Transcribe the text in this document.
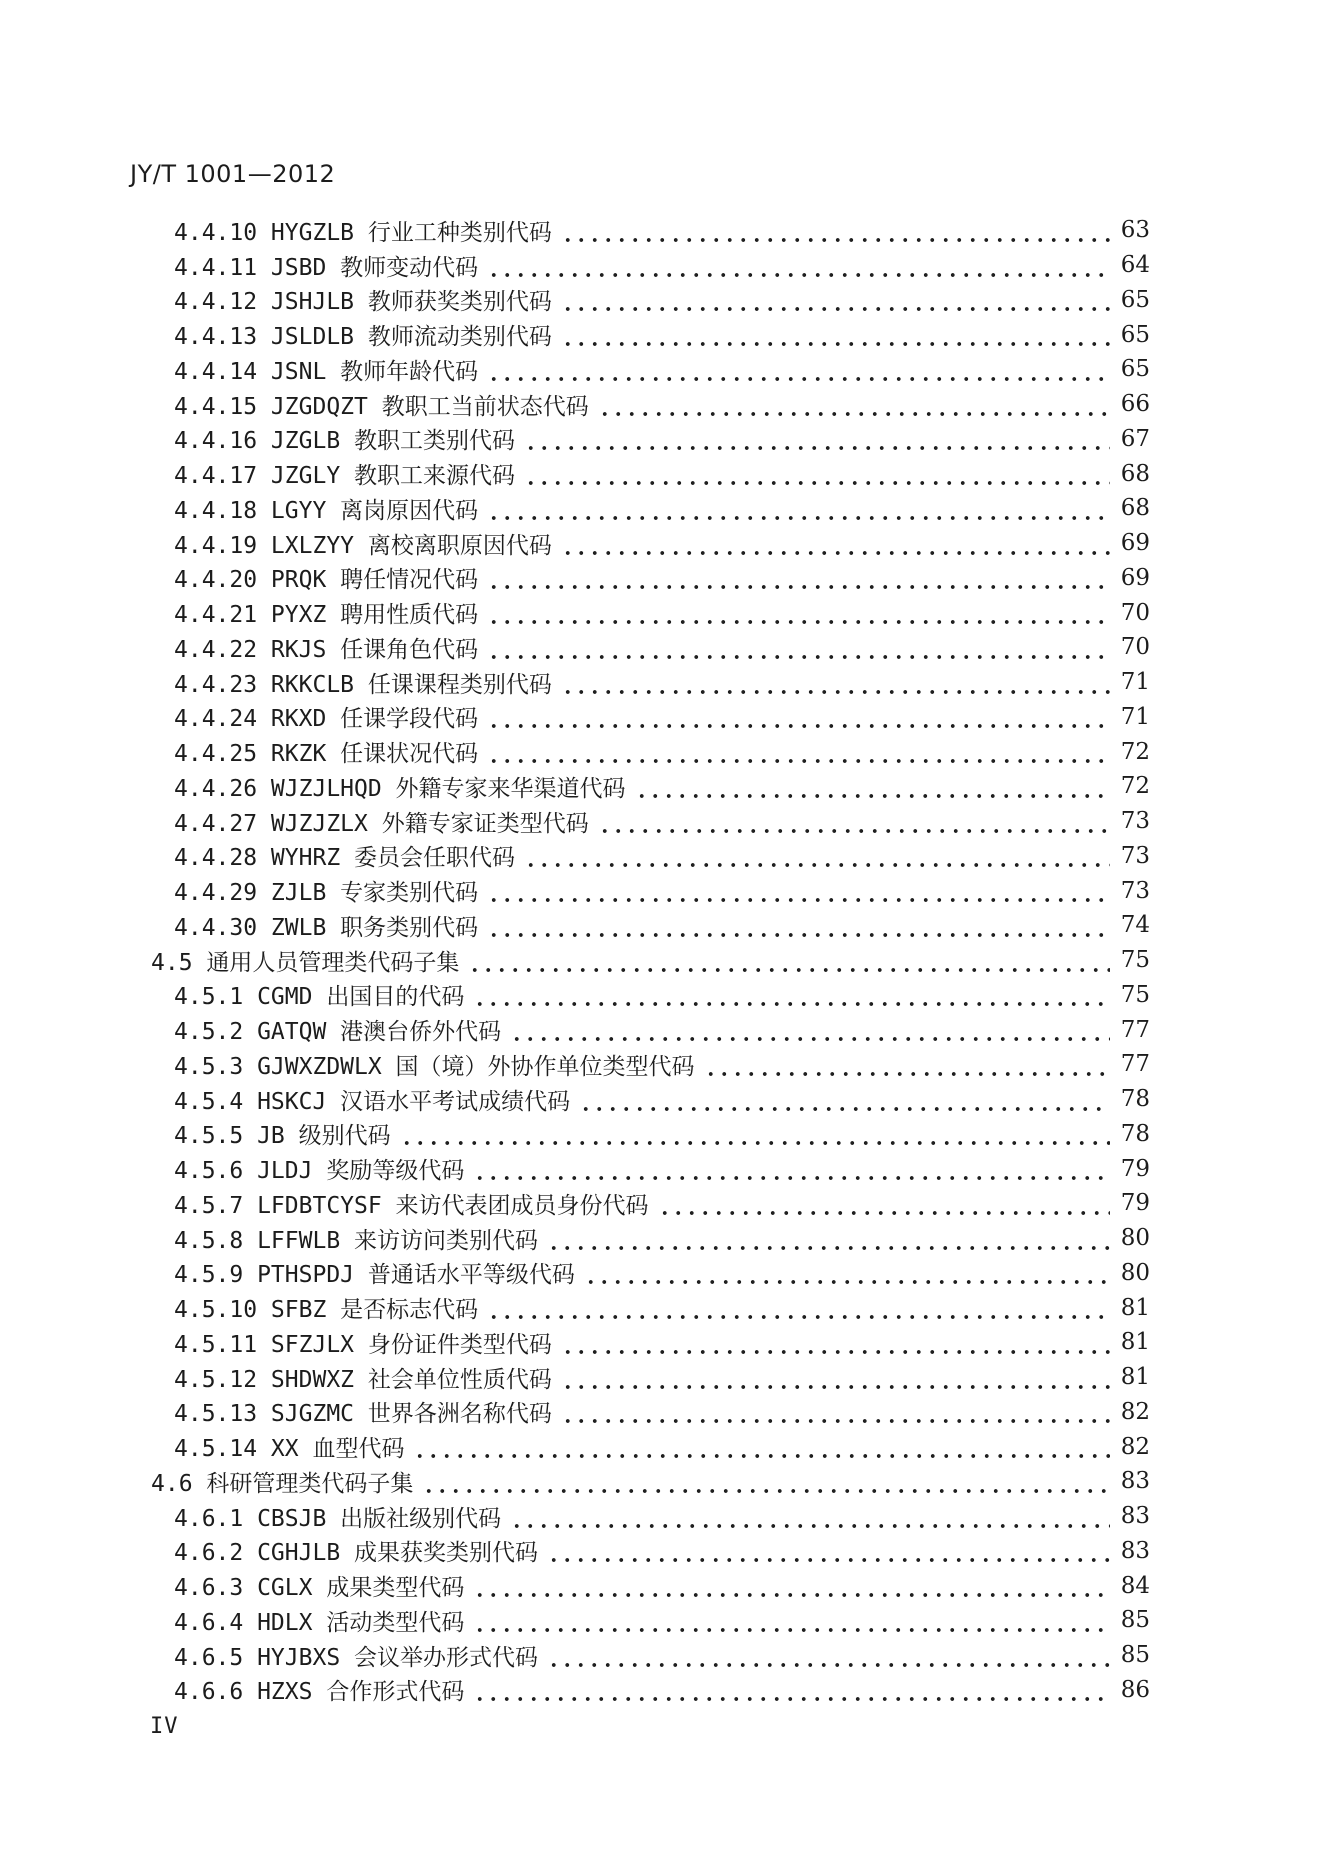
JY/T 1001—2012
4.4.10 HYGZLB 行业工种类别代码	63
4.4.11 JSBD 教师变动代码	64
4.4.12 JSHJLB 教师获奖类别代码	65
4.4.13 JSLDLB 教师流动类别代码	65
4.4.14 JSNL 教师年龄代码	65
4.4.15 JZGDQZT 教职工当前状态代码	66
4.4.16 JZGLB 教职工类别代码	67
4.4.17 JZGLY 教职工来源代码	68
4.4.18 LGYY 离岗原因代码	68
4.4.19 LXLZYY 离校离职原因代码	69
4.4.20 PRQK 聘任情况代码	69
4.4.21 PYXZ 聘用性质代码	70
4.4.22 RKJS 任课角色代码	70
4.4.23 RKKCLB 任课课程类别代码	71
4.4.24 RKXD 任课学段代码	71
4.4.25 RKZK 任课状况代码	72
4.4.26 WJZJLHQD 外籍专家来华渠道代码	72
4.4.27 WJZJZLX 外籍专家证类型代码	73
4.4.28 WYHRZ 委员会任职代码	73
4.4.29 ZJLB 专家类别代码	73
4.4.30 ZWLB 职务类别代码	74
4.5 通用人员管理类代码子集	75
4.5.1 CGMD 出国目的代码	75
4.5.2 GATQW 港澳台侨外代码	77
4.5.3 GJWXZDWLX 国（境）外协作单位类型代码	77
4.5.4 HSKCJ 汉语水平考试成绩代码	78
4.5.5 JB 级别代码	78
4.5.6 JLDJ 奖励等级代码	79
4.5.7 LFDBTCYSF 来访代表团成员身份代码	79
4.5.8 LFFWLB 来访访问类别代码	80
4.5.9 PTHSPDJ 普通话水平等级代码	80
4.5.10 SFBZ 是否标志代码	81
4.5.11 SFZJLX 身份证件类型代码	81
4.5.12 SHDWXZ 社会单位性质代码	81
4.5.13 SJGZMC 世界各洲名称代码	82
4.5.14 XX 血型代码	82
4.6 科研管理类代码子集	83
4.6.1 CBSJB 出版社级别代码	83
4.6.2 CGHJLB 成果获奖类别代码	83
4.6.3 CGLX 成果类型代码	84
4.6.4 HDLX 活动类型代码	85
4.6.5 HYJBXS 会议举办形式代码	85
4.6.6 HZXS 合作形式代码	86
IV
